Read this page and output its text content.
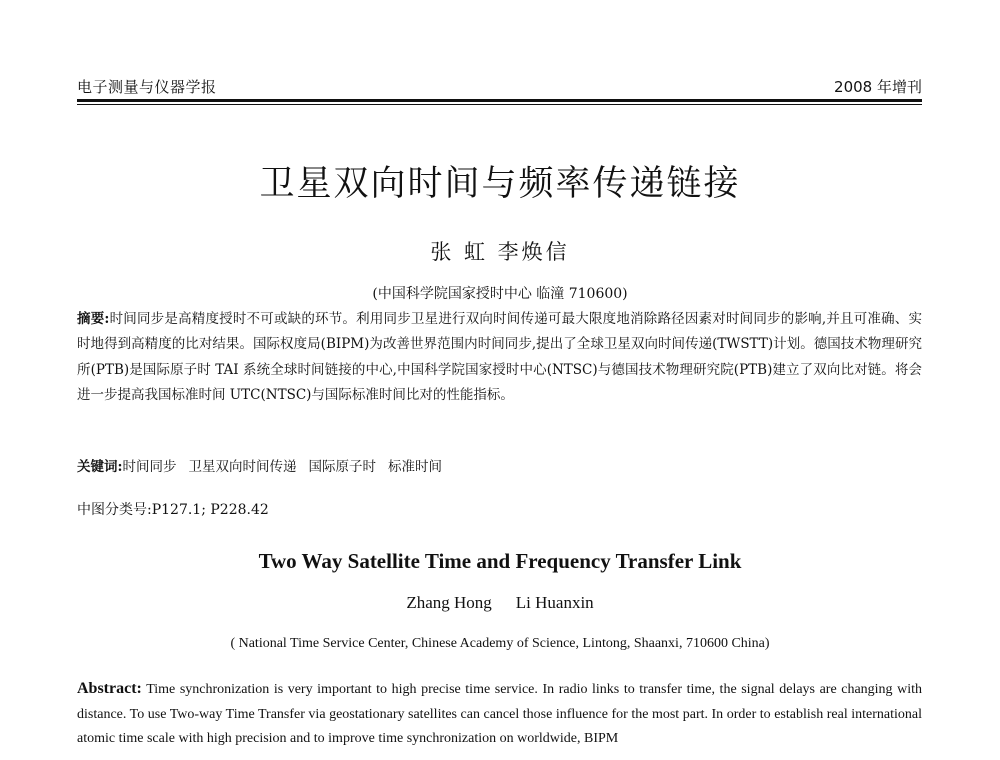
电子测量与仪器学报	2008 年增刊
卫星双向时间与频率传递链接
张 虹 李焕信
(中国科学院国家授时中心 临潼 710600)
摘要:时间同步是高精度授时不可或缺的环节。利用同步卫星进行双向时间传递可最大限度地消除路径因素对时间同步的影响,并且可准确、实时地得到高精度的比对结果。国际权度局(BIPM)为改善世界范围内时间同步,提出了全球卫星双向时间传递(TWSTT)计划。德国技术物理研究所(PTB)是国际原子时 TAI 系统全球时间链接的中心,中国科学院国家授时中心(NTSC)与德国技术物理研究院(PTB)建立了双向比对链。将会进一步提高我国标准时间 UTC(NTSC)与国际标准时间比对的性能指标。
关键词:时间同步 卫星双向时间传递 国际原子时 标准时间
中图分类号:P127.1; P228.42
Two Way Satellite Time and Frequency Transfer Link
Zhang Hong Li Huanxin
( National Time Service Center, Chinese Academy of Science, Lintong, Shaanxi, 710600 China)
Abstract: Time synchronization is very important to high precise time service. In radio links to transfer time, the signal delays are changing with distance. To use Two-way Time Transfer via geostationary satellites can cancel those influence for the most part. In order to establish real international atomic time scale with high precision and to improve time synchronization on worldwide, BIPM
